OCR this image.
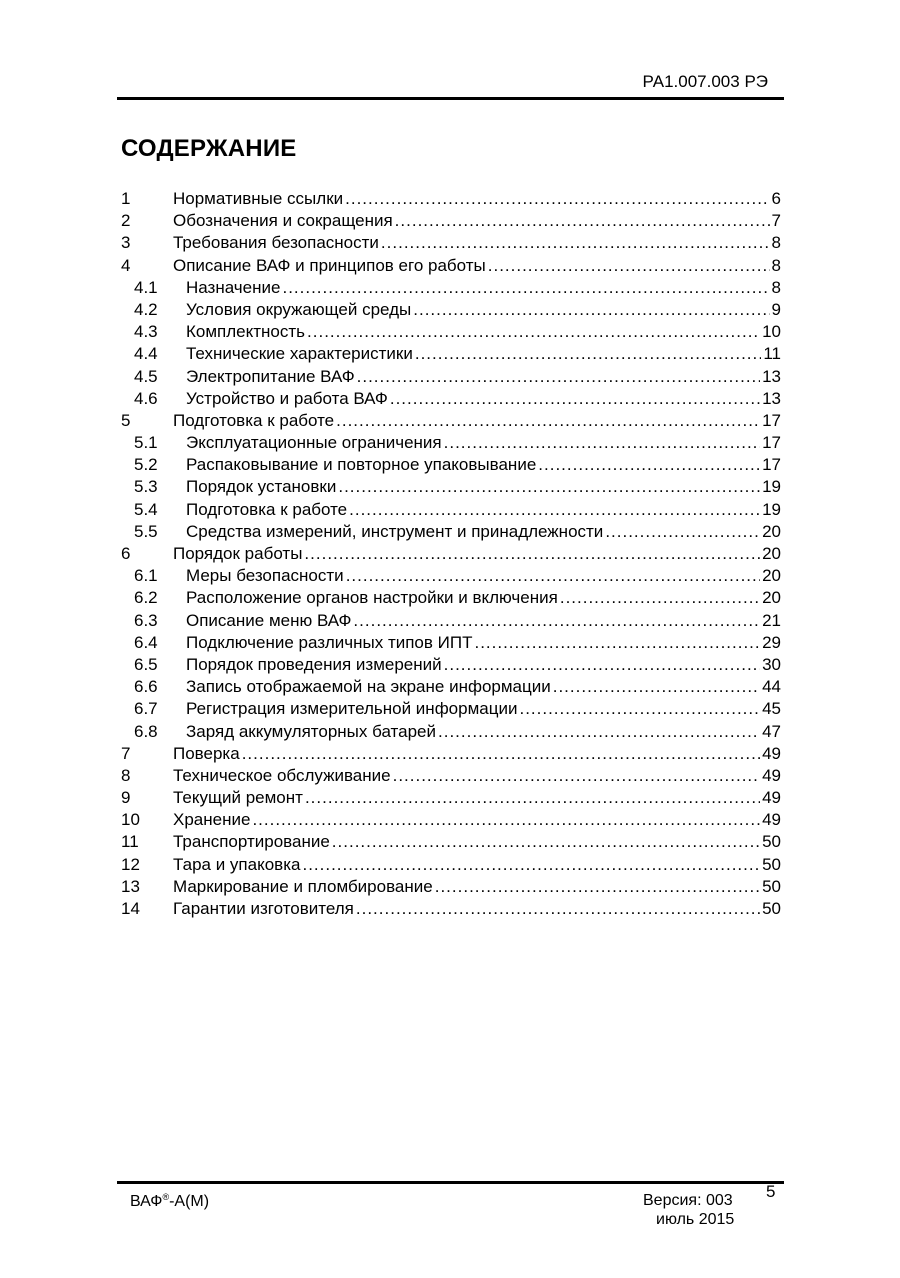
РА1.007.003 РЭ
СОДЕРЖАНИЕ
1	Нормативные ссылки .....	6
2	Обозначения и сокращения .....	7
3	Требования безопасности .....	8
4	Описание ВАФ и принципов его работы .....	8
4.1 Назначение .....	8
4.2 Условия окружающей среды .....	9
4.3 Комплектность .....	10
4.4 Технические характеристики .....	11
4.5 Электропитание ВАФ .....	13
4.6 Устройство и работа ВАФ .....	13
5	Подготовка к работе .....	17
5.1 Эксплуатационные ограничения .....	17
5.2 Распаковывание и повторное упаковывание .....	17
5.3 Порядок установки .....	19
5.4 Подготовка к работе .....	19
5.5 Средства измерений, инструмент и принадлежности .....	20
6	Порядок работы .....	20
6.1 Меры безопасности .....	20
6.2 Расположение органов настройки и включения .....	20
6.3 Описание меню ВАФ .....	21
6.4 Подключение различных типов ИПТ .....	29
6.5 Порядок проведения измерений .....	30
6.6 Запись отображаемой на экране информации .....	44
6.7 Регистрация измерительной информации .....	45
6.8 Заряд аккумуляторных батарей .....	47
7	Поверка .....	49
8	Техническое обслуживание .....	49
9	Текущий ремонт .....	49
10 Хранение .....	49
11 Транспортирование .....	50
12 Тара и упаковка .....	50
13 Маркирование и пломбирование .....	50
14 Гарантии изготовителя .....	50
ВАФ®-А(М)	Версия: 003
июль 2015
5
